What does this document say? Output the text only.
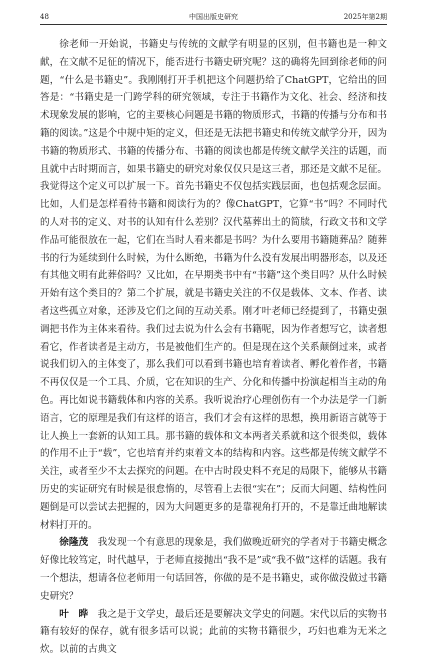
48	中国出版史研究	2025年第2期

徐老师一开始说，书籍史与传统的文献学有明显的区别，但书籍也是一种文献，在文献不足征的情况下，能否进行书籍史研究呢？这的确将先回到徐老师的问题，“什么是书籍史”。我刚刚打开手机把这个问题扔给了ChatGPT，它给出的回答是：“书籍史是一门跨学科的研究领域，专注于书籍作为文化、社会、经济和技术现象发展的影响，它的主要核心问题是书籍的物质形式，书籍的传播与分布和书籍的阅读。”这是个中规中矩的定义，但还是无法把书籍史和传统文献学分开，因为书籍的物质形式、书籍的传播分布、书籍的阅读也都是传统文献学关注的话题，而且就中古时期而言，如果书籍史的研究对象仅仅只是这三者，那还是文献不足征。我觉得这个定义可以扩展一下。首先书籍史不仅包括实践层面，也包括观念层面。比如，人们是怎样看待书籍和阅读行为的？像ChatGPT，它算“书”吗？不同时代的人对书的定义、对书的认知有什么差别？汉代墓葬出土的简牍，行政文书和文学作品可能很放在一起，它们在当时人看来都是书吗？为什么要用书籍随葬品？随葬书的行为延续到什么时候，为什么断绝，书籍为什么没有发展出明器形态，以及还有其他文明有此葬俗吗？又比如，在早期类书中有“书籍”这个类目吗？从什么时候开始有这个类目的？第二个扩展，就是书籍史关注的不仅是载体、文本、作者、读者这些孤立对象，还涉及它们之间的互动关系。刚才叶老师已经提到了，书籍史强调把书作为主体来看待。我们过去说为什么会有书籍呢，因为作者想写它，读者想看它，作者读者是主动方，书是被他们生产的。但是现在这个关系颠倒过来，或者说我们切入的主体变了，那么我们可以看到书籍也培育着读者、孵化着作者，书籍不再仅仅是一个工具、介质，它在知识的生产、分化和传播中扮演起相当主动的角色。再比如说书籍载体和内容的关系。我听说治疗心理创伤有一个办法是学一门新语言，它的原理是我们有这样的语言，我们才会有这样的思想，换用新语言就等于让人换上一套新的认知工具。那书籍的载体和文本两者关系就和这个很类似，载体的作用不止于“载”，它也培育并约束着文本的结构和内容。这些都是传统文献学不关注，或者至少不太去探究的问题。在中古时段史料不充足的局限下，能够从书籍历史的实证研究有时候是很怠惰的，尽管看上去很“实在”；反而大问题、结构性问题倒是可以尝试去把握的，因为大问题更多的是靠视角打开的，不是靠迁曲地解读材料打开的。

徐隆茂　 我发现一个有意思的现象是，我们做晚近研究的学者对于书籍史概念好像比较笃定，时代越早，于老师直接抛出“我不是”或“我不做”这样的话题。我有一个想法，想请各位老师用一句话回答，你做的是不是书籍史，或你做没做过书籍史研究？

叶　晔　 我之是于文学史，最后还是要解决文学史的问题。宋代以后的实物书籍有较好的保存，就有很多话可以说；此前的实物书籍很少，巧妇也难为无米之炊。以前的古典文
